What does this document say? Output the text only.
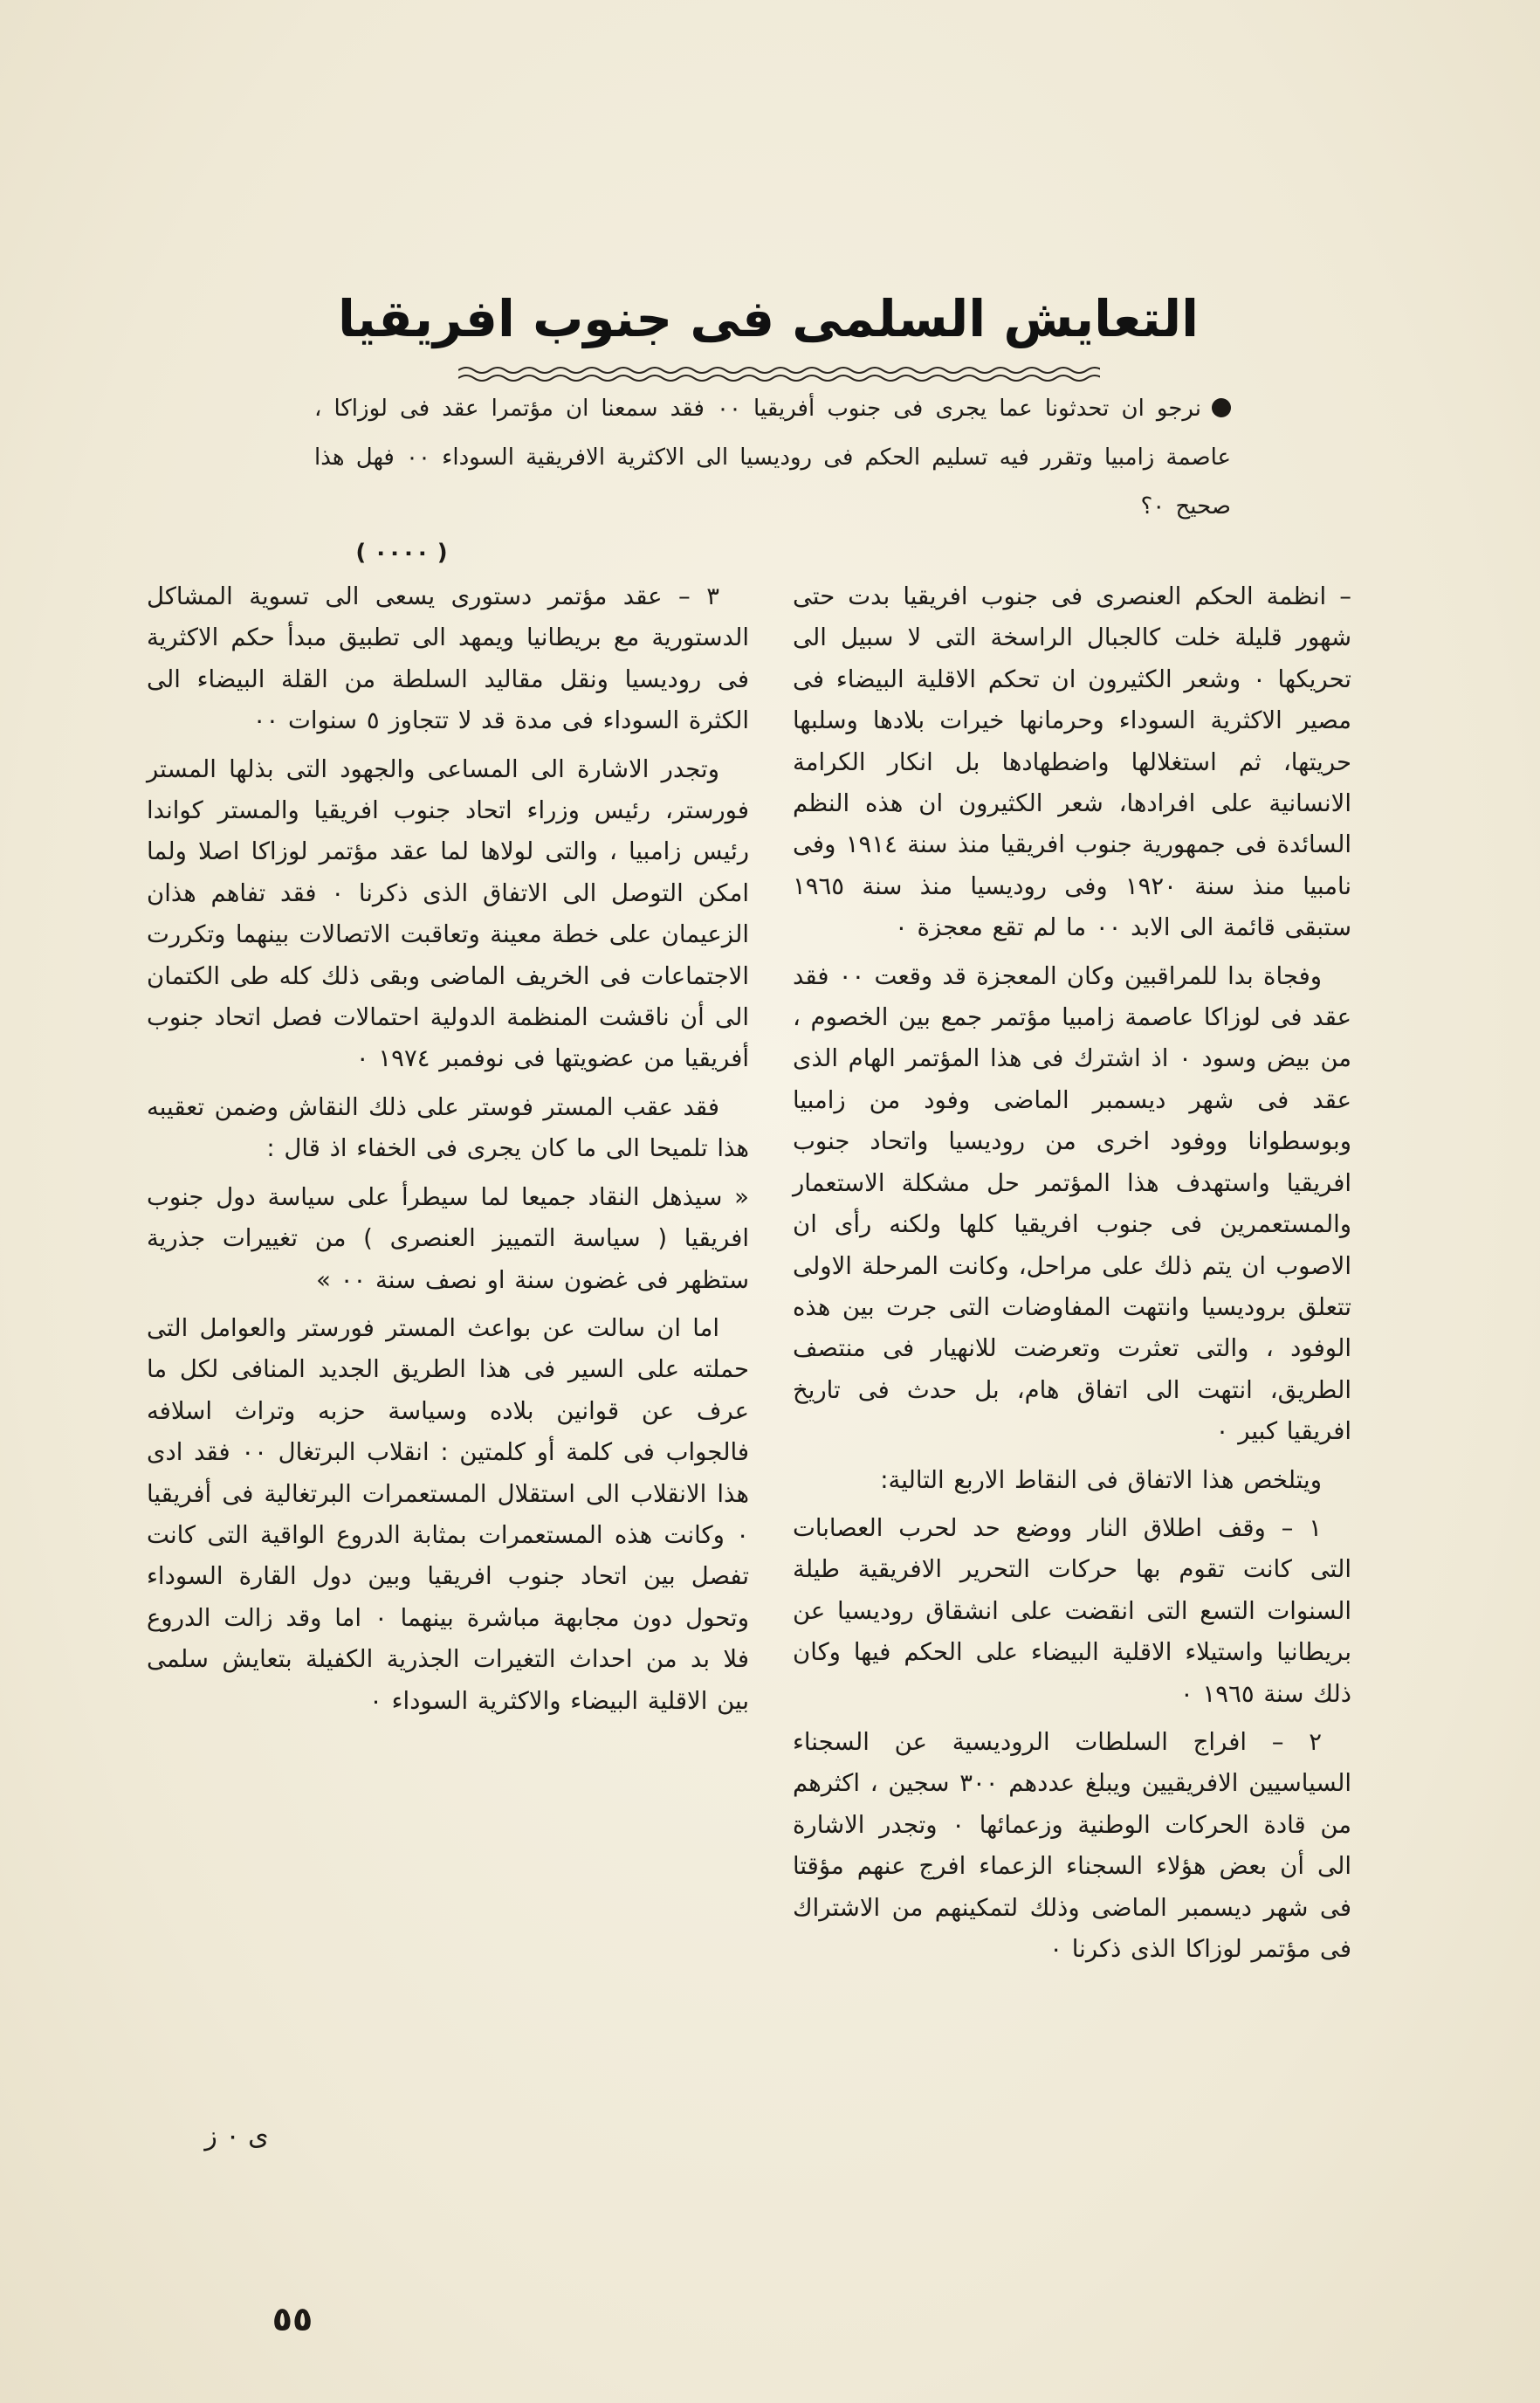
التعايش السلمى فى جنوب افريقيا
نرجو ان تحدثونا عما يجرى فى جنوب أفريقيا ٠٠ فقد سمعنا ان مؤتمرا عقد فى لوزاكا ، عاصمة زامبيا وتقرر فيه تسليم الحكم فى روديسيا الى الاكثرية الافريقية السوداء ٠٠ فهل هذا صحيح ٠؟
( ٠٠٠٠ )

– انظمة الحكم العنصرى فى جنوب افريقيا بدت حتى شهور قليلة خلت كالجبال الراسخة التى لا سبيل الى تحريكها ٠ وشعر الكثيرون ان تحكم الاقلية البيضاء فى مصير الاكثرية السوداء وحرمانها خيرات بلادها وسلبها حريتها، ثم استغلالها واضطهادها بل انكار الكرامة الانسانية على افرادها، شعر الكثيرون ان هذه النظم السائدة فى جمهورية جنوب افريقيا منذ سنة ١٩١٤ وفى نامبيا منذ سنة ١٩٢٠ وفى روديسيا منذ سنة ١٩٦٥ ستبقى قائمة الى الابد ٠٠ ما لم تقع معجزة ٠

وفجاة بدا للمراقبين وكان المعجزة قد وقعت ٠٠ فقد عقد فى لوزاكا عاصمة زامبيا مؤتمر جمع بين الخصوم ، من بيض وسود ٠ اذ اشترك فى هذا المؤتمر الهام الذى عقد فى شهر ديسمبر الماضى وفود من زامبيا وبوسطوانا ووفود اخرى من روديسيا واتحاد جنوب افريقيا واستهدف هذا المؤتمر حل مشكلة الاستعمار والمستعمرين فى جنوب افريقيا كلها ولكنه رأى ان الاصوب ان يتم ذلك على مراحل، وكانت المرحلة الاولى تتعلق بروديسيا وانتهت المفاوضات التى جرت بين هذه الوفود ، والتى تعثرت وتعرضت للانهيار فى منتصف الطريق، انتهت الى اتفاق هام، بل حدث فى تاريخ افريقيا كبير ٠

ويتلخص هذا الاتفاق فى النقاط الاربع التالية:

١ – وقف اطلاق النار ووضع حد لحرب العصابات التى كانت تقوم بها حركات التحرير الافريقية طيلة السنوات التسع التى انقضت على انشقاق روديسيا عن بريطانيا واستيلاء الاقلية البيضاء على الحكم فيها وكان ذلك سنة ١٩٦٥ ٠

٢ – افراج السلطات الروديسية عن السجناء السياسيين الافريقيين ويبلغ عددهم ٣٠٠ سجين ، اكثرهم من قادة الحركات الوطنية وزعمائها ٠ وتجدر الاشارة الى أن بعض هؤلاء السجناء الزعماء افرج عنهم مؤقتا فى شهر ديسمبر الماضى وذلك لتمكينهم من الاشتراك فى مؤتمر لوزاكا الذى ذكرنا ٠

٣ – عقد مؤتمر دستورى يسعى الى تسوية المشاكل الدستورية مع بريطانيا ويمهد الى تطبيق مبدأ حكم الاكثرية فى روديسيا ونقل مقاليد السلطة من القلة البيضاء الى الكثرة السوداء فى مدة قد لا تتجاوز ٥ سنوات ٠٠

وتجدر الاشارة الى المساعى والجهود التى بذلها المستر فورستر، رئيس وزراء اتحاد جنوب افريقيا والمستر كواندا رئيس زامبيا ، والتى لولاها لما عقد مؤتمر لوزاكا اصلا ولما امكن التوصل الى الاتفاق الذى ذكرنا ٠ فقد تفاهم هذان الزعيمان على خطة معينة وتعاقبت الاتصالات بينهما وتكررت الاجتماعات فى الخريف الماضى وبقى ذلك كله طى الكتمان الى أن ناقشت المنظمة الدولية احتمالات فصل اتحاد جنوب أفريقيا من عضويتها فى نوفمبر ١٩٧٤ ٠

فقد عقب المستر فوستر على ذلك النقاش وضمن تعقيبه هذا تلميحا الى ما كان يجرى فى الخفاء اذ قال :

« سيذهل النقاد جميعا لما سيطرأ على سياسة دول جنوب افريقيا ( سياسة التمييز العنصرى ) من تغييرات جذرية ستظهر فى غضون سنة او نصف سنة ٠٠ »

اما ان سالت عن بواعث المستر فورستر والعوامل التى حملته على السير فى هذا الطريق الجديد المنافى لكل ما عرف عن قوانين بلاده وسياسة حزبه وتراث اسلافه فالجواب فى كلمة أو كلمتين : انقلاب البرتغال ٠٠ فقد ادى هذا الانقلاب الى استقلال المستعمرات البرتغالية فى أفريقيا ٠ وكانت هذه المستعمرات بمثابة الدروع الواقية التى كانت تفصل بين اتحاد جنوب افريقيا وبين دول القارة السوداء وتحول دون مجابهة مباشرة بينهما ٠ اما وقد زالت الدروع فلا بد من احداث التغيرات الجذرية الكفيلة بتعايش سلمى بين الاقلية البيضاء والاكثرية السوداء ٠

ى ٠ ز
٥٥
